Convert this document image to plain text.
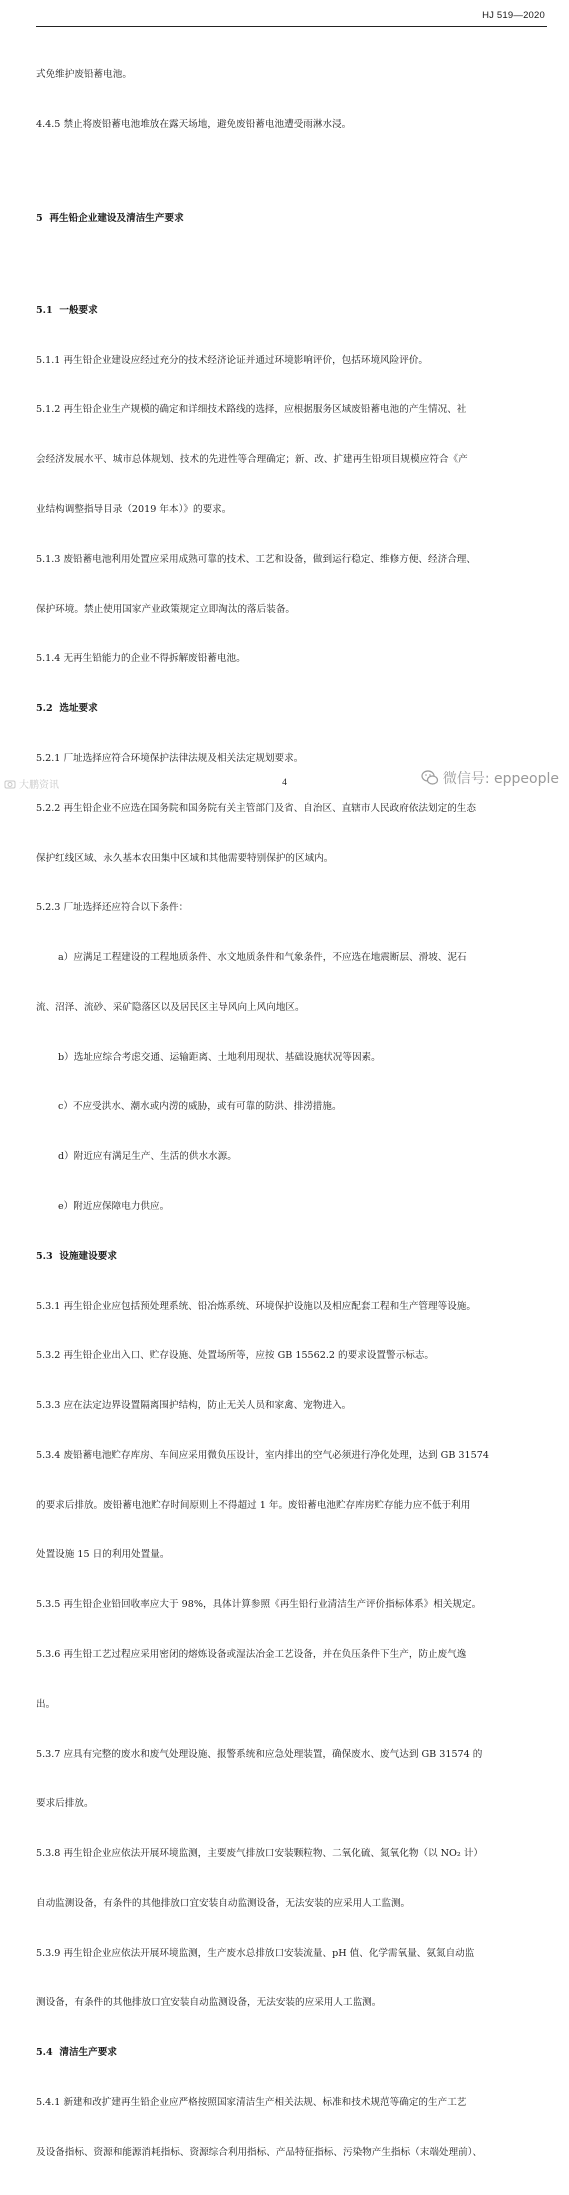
HJ 519—2020

式免维护废铅蓄电池。

4.4.5 禁止将废铅蓄电池堆放在露天场地，避免废铅蓄电池遭受雨淋水浸。

5  再生铅企业建设及清洁生产要求

5.1  一般要求

5.1.1 再生铅企业建设应经过充分的技术经济论证并通过环境影响评价，包括环境风险评价。

5.1.2 再生铅企业生产规模的确定和详细技术路线的选择，应根据服务区域废铅蓄电池的产生情况、社

会经济发展水平、城市总体规划、技术的先进性等合理确定；新、改、扩建再生铅项目规模应符合《产

业结构调整指导目录（2019 年本）》的要求。

5.1.3 废铅蓄电池利用处置应采用成熟可靠的技术、工艺和设备，做到运行稳定、维修方便、经济合理、

保护环境。禁止使用国家产业政策规定立即淘汰的落后装备。

5.1.4 无再生铅能力的企业不得拆解废铅蓄电池。

5.2  选址要求

5.2.1 厂址选择应符合环境保护法律法规及相关法定规划要求。

5.2.2 再生铅企业不应选在国务院和国务院有关主管部门及省、自治区、直辖市人民政府依法划定的生态

保护红线区域、永久基本农田集中区域和其他需要特别保护的区域内。

5.2.3 厂址选择还应符合以下条件：

a）应满足工程建设的工程地质条件、水文地质条件和气象条件，不应选在地震断层、滑坡、泥石

流、沼泽、流砂、采矿隐落区以及居民区主导风向上风向地区。

b）选址应综合考虑交通、运输距离、土地利用现状、基础设施状况等因素。

c）不应受洪水、潮水或内涝的威胁，或有可靠的防洪、排涝措施。

d）附近应有满足生产、生活的供水水源。

e）附近应保障电力供应。

5.3  设施建设要求

5.3.1 再生铅企业应包括预处理系统、铅冶炼系统、环境保护设施以及相应配套工程和生产管理等设施。

5.3.2 再生铅企业出入口、贮存设施、处置场所等，应按 GB 15562.2 的要求设置警示标志。

5.3.3 应在法定边界设置隔离围护结构，防止无关人员和家禽、宠物进入。

5.3.4 废铅蓄电池贮存库房、车间应采用微负压设计，室内排出的空气必须进行净化处理，达到 GB 31574

的要求后排放。废铅蓄电池贮存时间原则上不得超过 1 年。废铅蓄电池贮存库房贮存能力应不低于利用

处置设施 15 日的利用处置量。

5.3.5 再生铅企业铅回收率应大于 98%，具体计算参照《再生铅行业清洁生产评价指标体系》相关规定。

5.3.6 再生铅工艺过程应采用密闭的熔炼设备或湿法冶金工艺设备，并在负压条件下生产，防止废气逸

出。

5.3.7 应具有完整的废水和废气处理设施、报警系统和应急处理装置，确保废水、废气达到 GB 31574 的

要求后排放。

5.3.8 再生铅企业应依法开展环境监测，主要废气排放口安装颗粒物、二氧化硫、氮氧化物（以 NO₂ 计）

自动监测设备，有条件的其他排放口宜安装自动监测设备，无法安装的应采用人工监测。

5.3.9 再生铅企业应依法开展环境监测，生产废水总排放口安装流量、pH 值、化学需氧量、氨氮自动监

测设备，有条件的其他排放口宜安装自动监测设备，无法安装的应采用人工监测。

5.4  清洁生产要求

5.4.1 新建和改扩建再生铅企业应严格按照国家清洁生产相关法规、标准和技术规范等确定的生产工艺

及设备指标、资源和能源消耗指标、资源综合利用指标、产品特征指标、污染物产生指标（末端处理前）、

大鹏资讯	4	微信号: eppeople
